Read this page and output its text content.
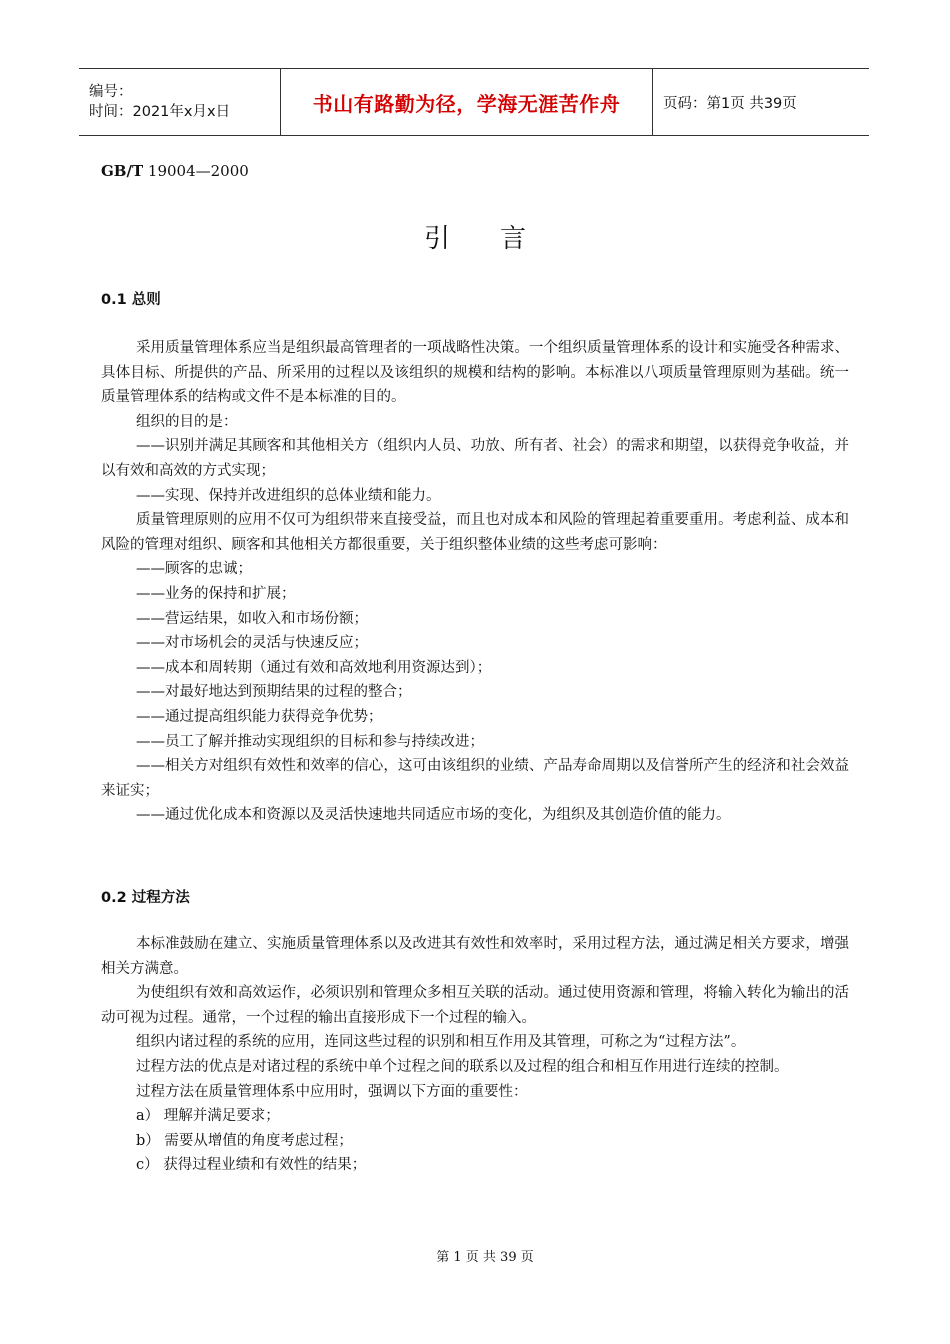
编号：
时间：2021年x月x日	书山有路勤为径，学海无涯苦作舟	页码：第1页 共39页
GB/T 19004—2000
引言
0.1 总则

采用质量管理体系应当是组织最高管理者的一项战略性决策。一个组织质量管理体系的设计和实施受各种需求、具体目标、所提供的产品、所采用的过程以及该组织的规模和结构的影响。本标准以八项质量管理原则为基础。统一质量管理体系的结构或文件不是本标准的目的。

组织的目的是：

——识别并满足其顾客和其他相关方（组织内人员、功放、所有者、社会）的需求和期望，以获得竞争收益，并以有效和高效的方式实现；

——实现、保持并改进组织的总体业绩和能力。

质量管理原则的应用不仅可为组织带来直接受益，而且也对成本和风险的管理起着重要重用。考虑利益、成本和风险的管理对组织、顾客和其他相关方都很重要，关于组织整体业绩的这些考虑可影响：

——顾客的忠诚；

——业务的保持和扩展；

——营运结果，如收入和市场份额；

——对市场机会的灵活与快速反应；

——成本和周转期（通过有效和高效地利用资源达到）；

——对最好地达到预期结果的过程的整合；

——通过提高组织能力获得竞争优势；

——员工了解并推动实现组织的目标和参与持续改进；

——相关方对组织有效性和效率的信心，这可由该组织的业绩、产品寿命周期以及信誉所产生的经济和社会效益来证实；

——通过优化成本和资源以及灵活快速地共同适应市场的变化，为组织及其创造价值的能力。

0.2 过程方法

本标准鼓励在建立、实施质量管理体系以及改进其有效性和效率时，采用过程方法，通过满足相关方要求，增强相关方满意。

为使组织有效和高效运作，必须识别和管理众多相互关联的活动。通过使用资源和管理，将输入转化为输出的活动可视为过程。通常，一个过程的输出直接形成下一个过程的输入。

组织内诸过程的系统的应用，连同这些过程的识别和相互作用及其管理，可称之为“过程方法”。

过程方法的优点是对诸过程的系统中单个过程之间的联系以及过程的组合和相互作用进行连续的控制。

过程方法在质量管理体系中应用时，强调以下方面的重要性：

a） 理解并满足要求；

b） 需要从增值的角度考虑过程；

c） 获得过程业绩和有效性的结果；

第 1 页 共 39 页
